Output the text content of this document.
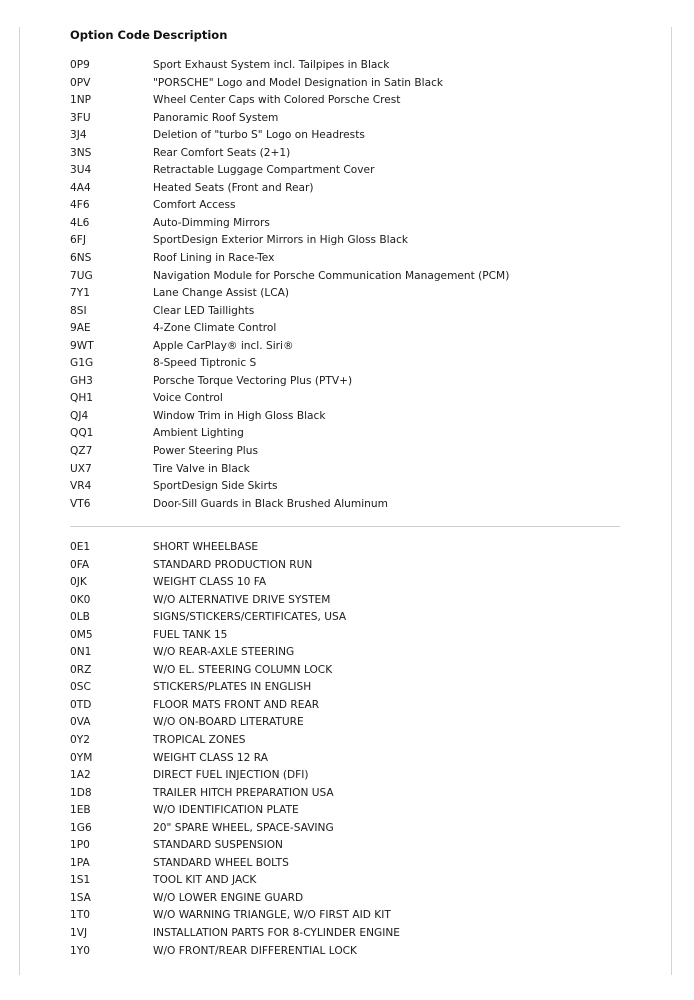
Option Code Description
0P9	Sport Exhaust System incl. Tailpipes in Black
0PV	"PORSCHE" Logo and Model Designation in Satin Black
1NP	Wheel Center Caps with Colored Porsche Crest
3FU	Panoramic Roof System
3J4	Deletion of "turbo S" Logo on Headrests
3NS	Rear Comfort Seats (2+1)
3U4	Retractable Luggage Compartment Cover
4A4	Heated Seats (Front and Rear)
4F6	Comfort Access
4L6	Auto-Dimming Mirrors
6FJ	SportDesign Exterior Mirrors in High Gloss Black
6NS	Roof Lining in Race-Tex
7UG	Navigation Module for Porsche Communication Management (PCM)
7Y1	Lane Change Assist (LCA)
8SI	Clear LED Taillights
9AE	4-Zone Climate Control
9WT	Apple CarPlay® incl. Siri®
G1G	8-Speed Tiptronic S
GH3	Porsche Torque Vectoring Plus (PTV+)
QH1	Voice Control
QJ4	Window Trim in High Gloss Black
QQ1	Ambient Lighting
QZ7	Power Steering Plus
UX7	Tire Valve in Black
VR4	SportDesign Side Skirts
VT6	Door-Sill Guards in Black Brushed Aluminum
0E1	SHORT WHEELBASE
0FA	STANDARD PRODUCTION RUN
0JK	WEIGHT CLASS 10 FA
0K0	W/O ALTERNATIVE DRIVE SYSTEM
0LB	SIGNS/STICKERS/CERTIFICATES, USA
0M5	FUEL TANK 15
0N1	W/O REAR-AXLE STEERING
0RZ	W/O EL. STEERING COLUMN LOCK
0SC	STICKERS/PLATES IN ENGLISH
0TD	FLOOR MATS FRONT AND REAR
0VA	W/O ON-BOARD LITERATURE
0Y2	TROPICAL ZONES
0YM	WEIGHT CLASS 12 RA
1A2	DIRECT FUEL INJECTION (DFI)
1D8	TRAILER HITCH PREPARATION USA
1EB	W/O IDENTIFICATION PLATE
1G6	20" SPARE WHEEL, SPACE-SAVING
1P0	STANDARD SUSPENSION
1PA	STANDARD WHEEL BOLTS
1S1	TOOL KIT AND JACK
1SA	W/O LOWER ENGINE GUARD
1T0	W/O WARNING TRIANGLE, W/O FIRST AID KIT
1VJ	INSTALLATION PARTS FOR 8-CYLINDER ENGINE
1Y0	W/O FRONT/REAR DIFFERENTIAL LOCK
